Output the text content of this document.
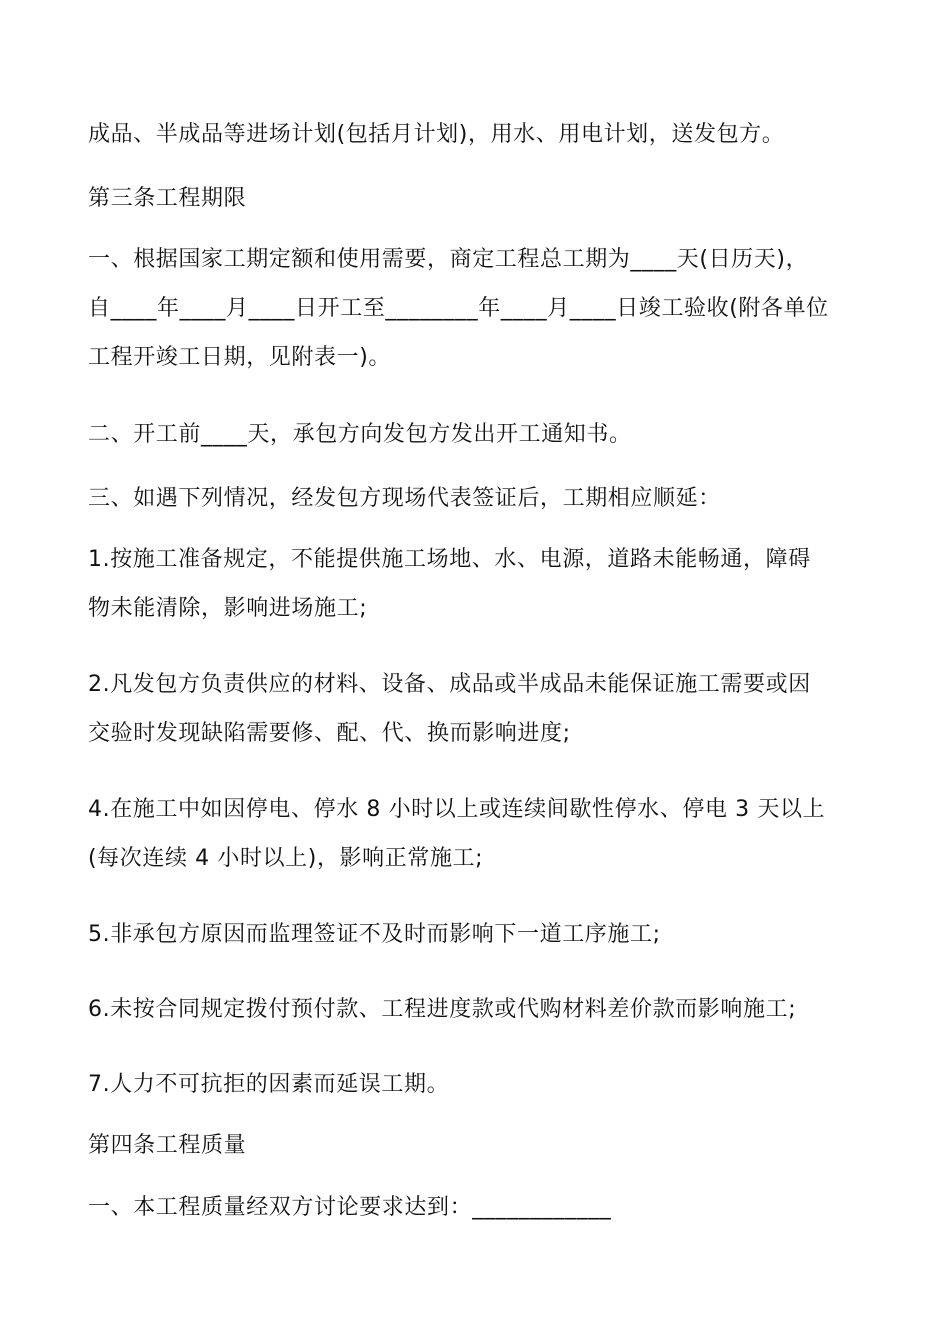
成品、半成品等进场计划(包括月计划)，用水、用电计划，送发包方。
第三条工程期限
一、根据国家工期定额和使用需要，商定工程总工期为____天(日历天)，
自____年____月____日开工至________年____月____日竣工验收(附各单位
工程开竣工日期，见附表一)。
二、开工前____天，承包方向发包方发出开工通知书。
三、如遇下列情况，经发包方现场代表签证后，工期相应顺延：
1.按施工准备规定，不能提供施工场地、水、电源，道路未能畅通，障碍
物未能清除，影响进场施工;
2.凡发包方负责供应的材料、设备、成品或半成品未能保证施工需要或因
交验时发现缺陷需要修、配、代、换而影响进度;
4.在施工中如因停电、停水 8 小时以上或连续间歇性停水、停电 3 天以上
(每次连续 4 小时以上)，影响正常施工;
5.非承包方原因而监理签证不及时而影响下一道工序施工;
6.未按合同规定拨付预付款、工程进度款或代购材料差价款而影响施工;
7.人力不可抗拒的因素而延误工期。
第四条工程质量
一、本工程质量经双方讨论要求达到：____________
